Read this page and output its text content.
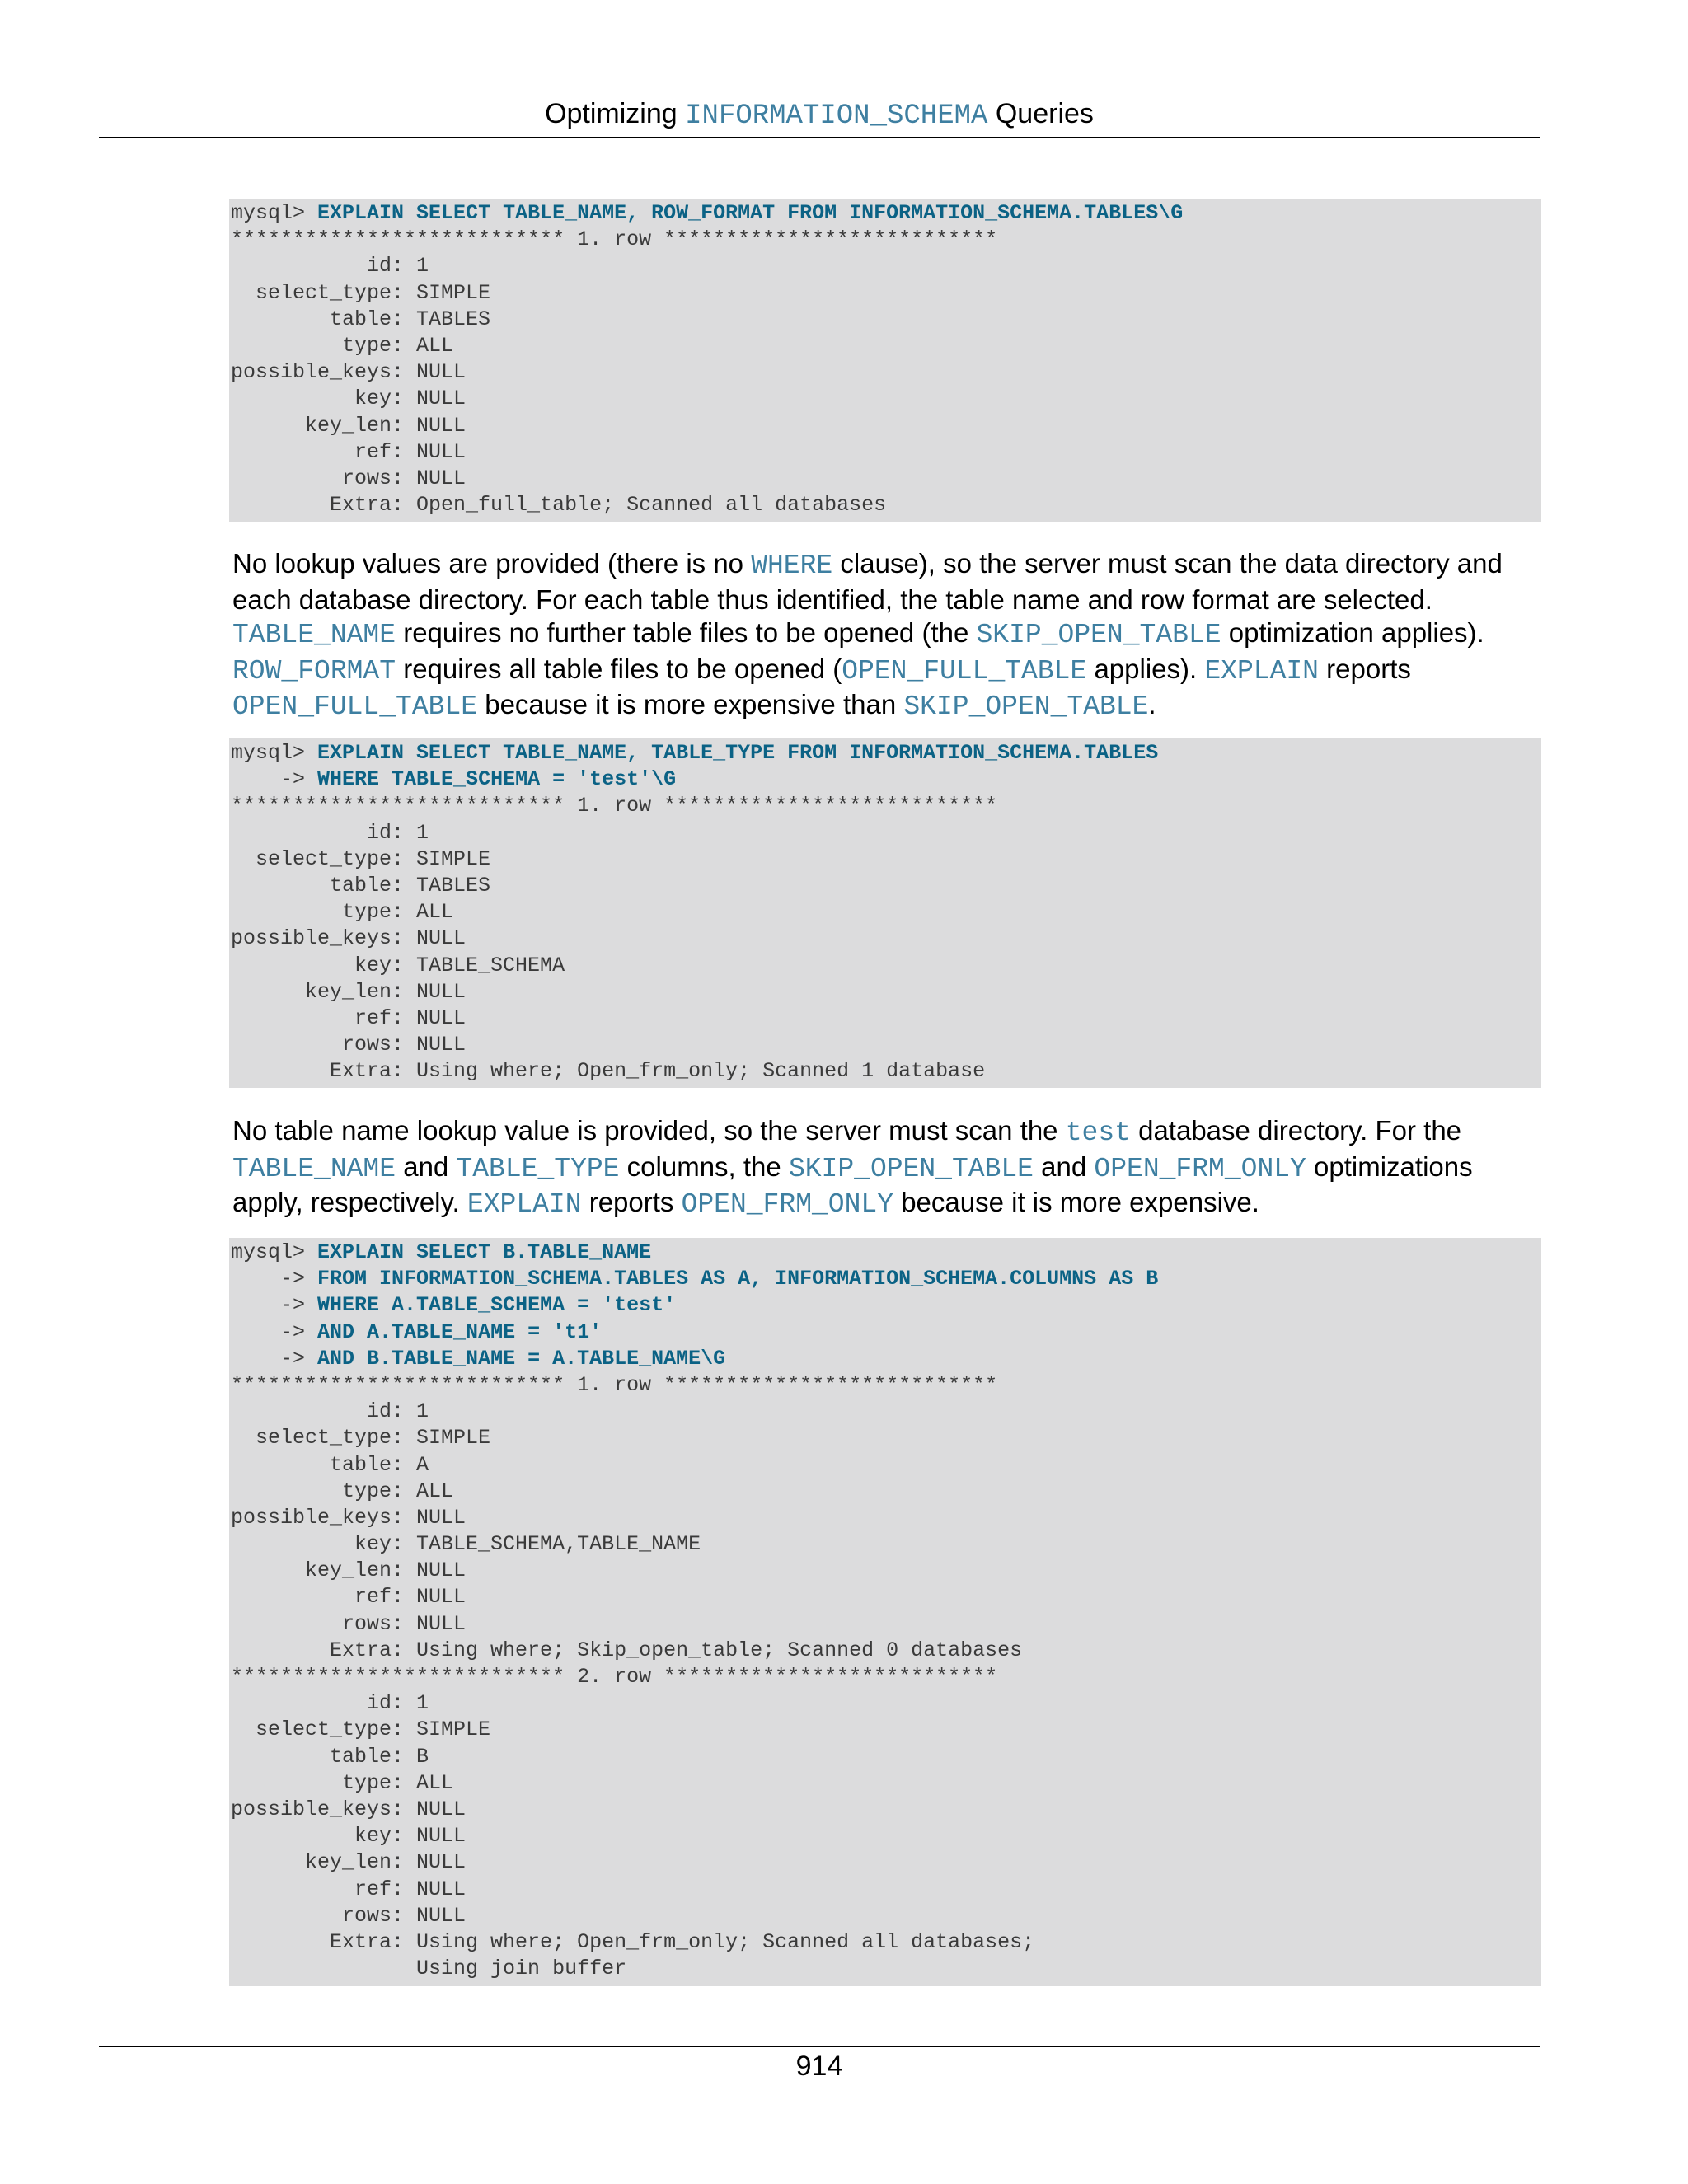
Optimizing INFORMATION_SCHEMA Queries
mysql> EXPLAIN SELECT TABLE_NAME, ROW_FORMAT FROM INFORMATION_SCHEMA.TABLES\G
*************************** 1. row ***************************
id: 1
select_type: SIMPLE
table: TABLES
type: ALL
possible_keys: NULL
key: NULL
key_len: NULL
ref: NULL
rows: NULL
Extra: Open_full_table; Scanned all databases

No lookup values are provided (there is no WHERE clause), so the server must scan the data directory and each database directory. For each table thus identified, the table name and row format are selected. TABLE_NAME requires no further table files to be opened (the SKIP_OPEN_TABLE optimization applies). ROW_FORMAT requires all table files to be opened (OPEN_FULL_TABLE applies). EXPLAIN reports OPEN_FULL_TABLE because it is more expensive than SKIP_OPEN_TABLE.

mysql> EXPLAIN SELECT TABLE_NAME, TABLE_TYPE FROM INFORMATION_SCHEMA.TABLES
-> WHERE TABLE_SCHEMA = 'test'\G
*************************** 1. row ***************************
id: 1
select_type: SIMPLE
table: TABLES
type: ALL
possible_keys: NULL
key: TABLE_SCHEMA
key_len: NULL
ref: NULL
rows: NULL
Extra: Using where; Open_frm_only; Scanned 1 database

No table name lookup value is provided, so the server must scan the test database directory. For the TABLE_NAME and TABLE_TYPE columns, the SKIP_OPEN_TABLE and OPEN_FRM_ONLY optimizations apply, respectively. EXPLAIN reports OPEN_FRM_ONLY because it is more expensive.

mysql> EXPLAIN SELECT B.TABLE_NAME
-> FROM INFORMATION_SCHEMA.TABLES AS A, INFORMATION_SCHEMA.COLUMNS AS B
-> WHERE A.TABLE_SCHEMA = 'test'
-> AND A.TABLE_NAME = 't1'
-> AND B.TABLE_NAME = A.TABLE_NAME\G
*************************** 1. row ***************************
id: 1
select_type: SIMPLE
table: A
type: ALL
possible_keys: NULL
key: TABLE_SCHEMA,TABLE_NAME
key_len: NULL
ref: NULL
rows: NULL
Extra: Using where; Skip_open_table; Scanned 0 databases
*************************** 2. row ***************************
id: 1
select_type: SIMPLE
table: B
type: ALL
possible_keys: NULL
key: NULL
key_len: NULL
ref: NULL
rows: NULL
Extra: Using where; Open_frm_only; Scanned all databases;
Using join buffer
914
